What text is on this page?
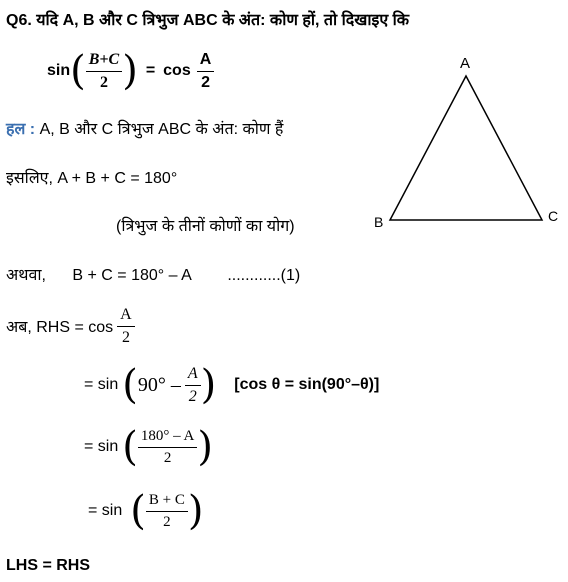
Q6. यदि A, B और C त्रिभुज ABC के अंत: कोण हों, तो दिखाइए कि
sin ( $\frac{B+C}{2}$ ) = $\cos \frac{A}{2}$
हल : A, B और C त्रिभुज ABC के अंत: कोण हैं
इसलिए, A + B + C = 180°
(त्रिभुज के तीनों कोणों का योग)
अथवा, B + C = 180° – A ............(1)
अब, RHS = $\cos \frac{A}{2}$
= sin ( $90^\circ - \frac{A}{2}$ ) [cos θ = sin(90°–θ)]
= sin ( $\frac{180^\circ - A}{2}$ )
= sin ( $\frac{B + C}{2}$ )
LHS = RHS
A
B	C
